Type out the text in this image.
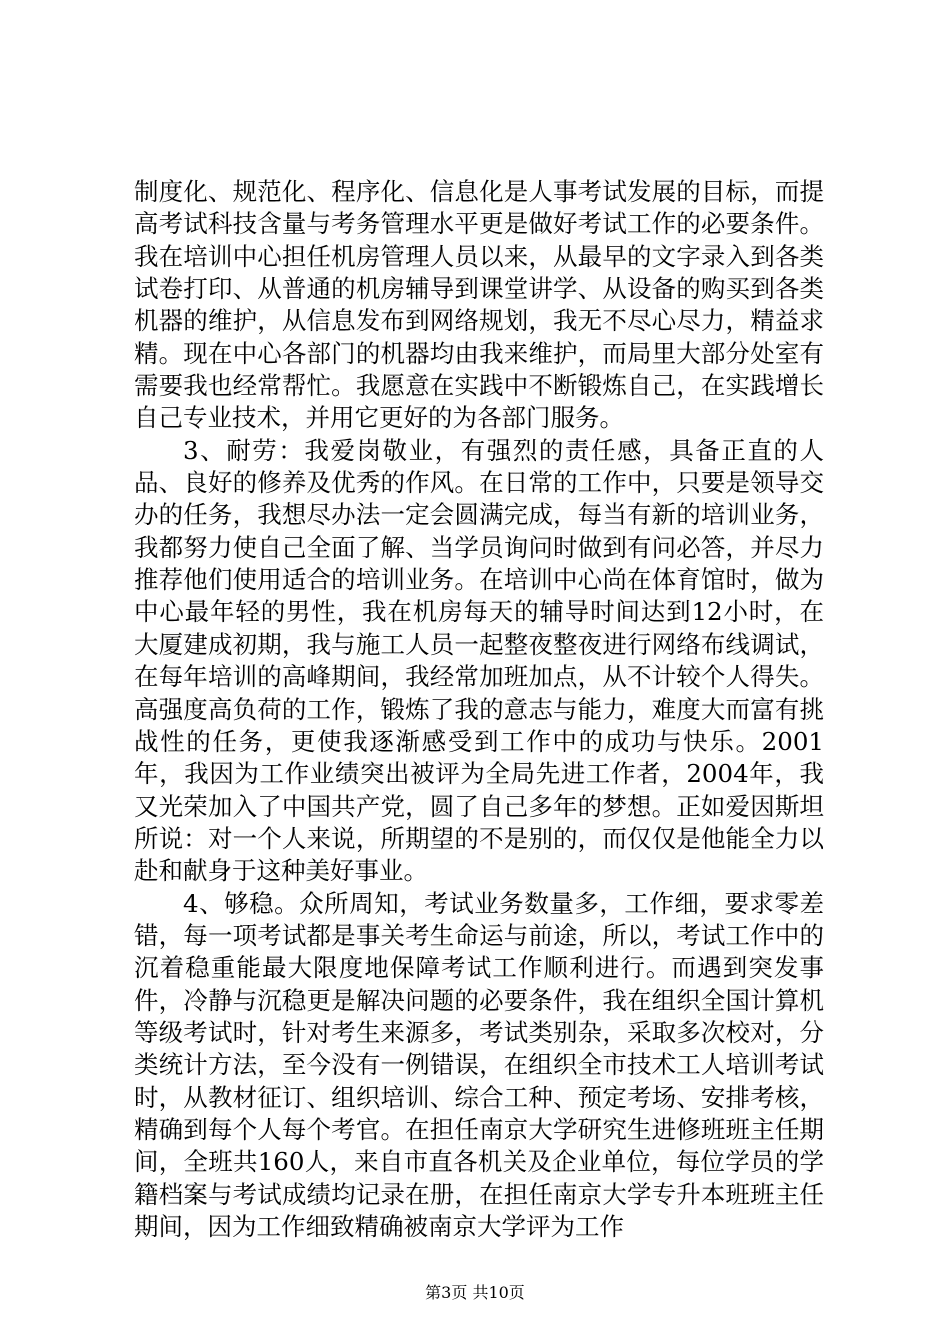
制度化、规范化、程序化、信息化是人事考试发展的目标，而提高考试科技含量与考务管理水平更是做好考试工作的必要条件。我在培训中心担任机房管理人员以来，从最早的文字录入到各类试卷打印、从普通的机房辅导到课堂讲学、从设备的购买到各类机器的维护，从信息发布到网络规划，我无不尽心尽力，精益求精。现在中心各部门的机器均由我来维护，而局里大部分处室有需要我也经常帮忙。我愿意在实践中不断锻炼自己，在实践增长自己专业技术，并用它更好的为各部门服务。

3、耐劳：我爱岗敬业，有强烈的责任感，具备正直的人品、良好的修养及优秀的作风。在日常的工作中，只要是领导交办的任务，我想尽办法一定会圆满完成，每当有新的培训业务，我都努力使自己全面了解、当学员询问时做到有问必答，并尽力推荐他们使用适合的培训业务。在培训中心尚在体育馆时，做为中心最年轻的男性，我在机房每天的辅导时间达到12小时，在大厦建成初期，我与施工人员一起整夜整夜进行网络布线调试，在每年培训的高峰期间，我经常加班加点，从不计较个人得失。高强度高负荷的工作，锻炼了我的意志与能力，难度大而富有挑战性的任务，更使我逐渐感受到工作中的成功与快乐。2001年，我因为工作业绩突出被评为全局先进工作者，2004年，我又光荣加入了中国共产党，圆了自己多年的梦想。正如爱因斯坦所说：对一个人来说，所期望的不是别的，而仅仅是他能全力以赴和献身于这种美好事业。

4、够稳。众所周知，考试业务数量多，工作细，要求零差错，每一项考试都是事关考生命运与前途，所以，考试工作中的沉着稳重能最大限度地保障考试工作顺利进行。而遇到突发事件，冷静与沉稳更是解决问题的必要条件，我在组织全国计算机等级考试时，针对考生来源多，考试类别杂，采取多次校对，分类统计方法，至今没有一例错误，在组织全市技术工人培训考试时，从教材征订、组织培训、综合工种、预定考场、安排考核，精确到每个人每个考官。在担任南京大学研究生进修班班主任期间，全班共160人，来自市直各机关及企业单位，每位学员的学籍档案与考试成绩均记录在册，在担任南京大学专升本班班主任期间，因为工作细致精确被南京大学评为工作

第3页 共10页
